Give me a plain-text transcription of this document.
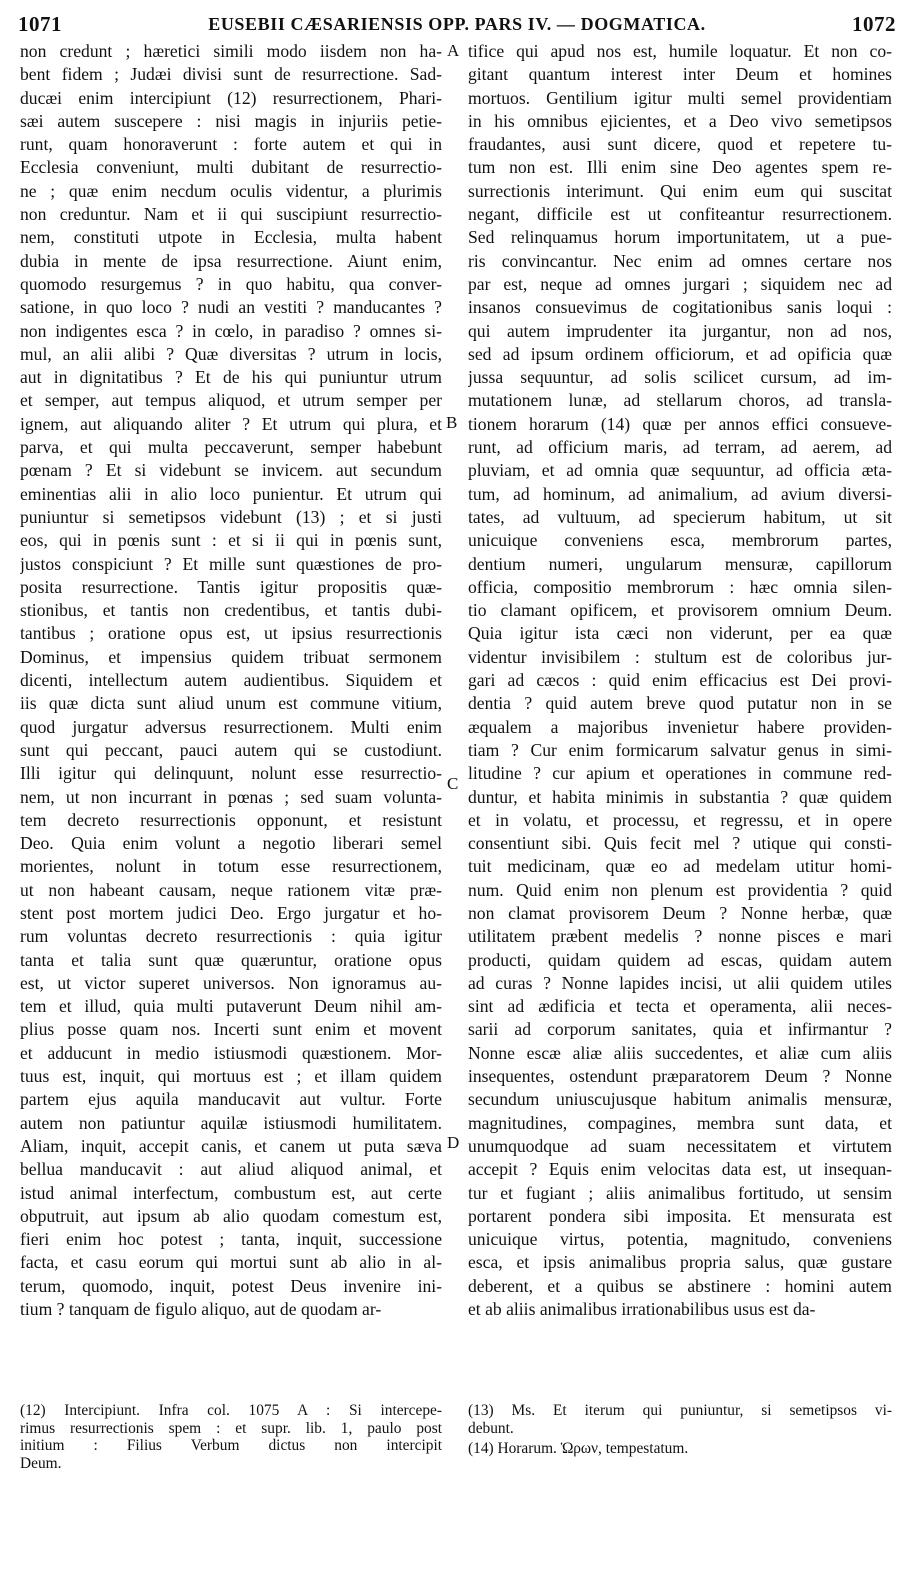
1071	EUSEBII CÆSARIENSIS OPP. PARS IV. — DOGMATICA.	1072
non credunt ; hæretici simili modo iisdem non ha-
bent fidem ; Judæi divisi sunt de resurrectione. Sad-
ducæi enim intercipiunt (12) resurrectionem, Phari-
sæi autem suscepere : nisi magis in injuriis petie-
runt, quam honoraverunt : forte autem et qui in
Ecclesia conveniunt, multi dubitant de resurrectio-
ne ; quæ enim necdum oculis videntur, a plurimis
non creduntur. Nam et ii qui suscipiunt resurrectio-
nem, constituti utpote in Ecclesia, multa habent
dubia in mente de ipsa resurrectione. Aiunt enim,
quomodo resurgemus ? in quo habitu, qua conver-
satione, in quo loco ? nudi an vestiti ? manducantes ?
non indigentes esca ? in cœlo, in paradiso ? omnes si-
mul, an alii alibi ? Quæ diversitas ? utrum in locis,
aut in dignitatibus ? Et de his qui puniuntur utrum
et semper, aut tempus aliquod, et utrum semper per
ignem, aut aliquando aliter ? Et utrum qui plura, et
parva, et qui multa peccaverunt, semper habebunt
pœnam ? Et si videbunt se invicem. aut secundum
eminentias alii in alio loco punientur. Et utrum qui
puniuntur si semetipsos videbunt (13) ; et si justi
eos, qui in pœnis sunt : et si ii qui in pœnis sunt,
justos conspiciunt ? Et mille sunt quæstiones de pro-
posita resurrectione. Tantis igitur propositis quæ-
stionibus, et tantis non credentibus, et tantis dubi-
tantibus ; oratione opus est, ut ipsius resurrectionis
Dominus, et impensius quidem tribuat sermonem
dicenti, intellectum autem audientibus. Siquidem et
iis quæ dicta sunt aliud unum est commune vitium,
quod jurgatur adversus resurrectionem. Multi enim
sunt qui peccant, pauci autem qui se custodiunt.
Illi igitur qui delinquunt, nolunt esse resurrectio-
nem, ut non incurrant in pœnas ; sed suam volunta-
tem decreto resurrectionis opponunt, et resistunt
Deo. Quia enim volunt a negotio liberari semel
morientes, nolunt in totum esse resurrectionem,
ut non habeant causam, neque rationem vitæ præ-
stent post mortem judici Deo. Ergo jurgatur et ho-
rum voluntas decreto resurrectionis : quia igitur
tanta et talia sunt quæ quæruntur, oratione opus
est, ut victor superet universos. Non ignoramus au-
tem et illud, quia multi putaverunt Deum nihil am-
plius posse quam nos. Incerti sunt enim et movent
et adducunt in medio istiusmodi quæstionem. Mor-
tuus est, inquit, qui mortuus est ; et illam quidem
partem ejus aquila manducavit aut vultur. Forte
autem non patiuntur aquilæ istiusmodi humilitatem.
Aliam, inquit, accepit canis, et canem ut puta sæva
bellua manducavit : aut aliud aliquod animal, et
istud animal interfectum, combustum est, aut certe
obputruit, aut ipsum ab alio quodam comestum est,
fieri enim hoc potest ; tanta, inquit, successione
facta, et casu eorum qui mortui sunt ab alio in al-
terum, quomodo, inquit, potest Deus invenire ini-
tium ? tanquam de figulo aliquo, aut de quodam ar-
tifice qui apud nos est, humile loquatur. Et non co-
gitant quantum interest inter Deum et homines
mortuos. Gentilium igitur multi semel providentiam
in his omnibus ejicientes, et a Deo vivo semetipsos
fraudantes, ausi sunt dicere, quod et repetere tu-
tum non est. Illi enim sine Deo agentes spem re-
surrectionis interimunt. Qui enim eum qui suscitat
negant, difficile est ut confiteantur resurrectionem.
Sed relinquamus horum importunitatem, ut a pue-
ris convincantur. Nec enim ad omnes certare nos
par est, neque ad omnes jurgari ; siquidem nec ad
insanos consuevimus de cogitationibus sanis loqui :
qui autem imprudenter ita jurgantur, non ad nos,
sed ad ipsum ordinem officiorum, et ad opificia quæ
jussa sequuntur, ad solis scilicet cursum, ad im-
mutationem lunæ, ad stellarum choros, ad transla-
tionem horarum (14) quæ per annos effici consueve-
runt, ad officium maris, ad terram, ad aerem, ad
pluviam, et ad omnia quæ sequuntur, ad officia æta-
tum, ad hominum, ad animalium, ad avium diversi-
tates, ad vultuum, ad specierum habitum, ut sit
unicuique conveniens esca, membrorum partes,
dentium numeri, ungularum mensuræ, capillorum
officia, compositio membrorum : hæc omnia silen-
tio clamant opificem, et provisorem omnium Deum.
Quia igitur ista cæci non viderunt, per ea quæ
videntur invisibilem : stultum est de coloribus jur-
gari ad cæcos : quid enim efficacius est Dei provi-
dentia ? quid autem breve quod putatur non in se
æqualem a majoribus invenietur habere providen-
tiam ? Cur enim formicarum salvatur genus in simi-
litudine ? cur apium et operationes in commune red-
duntur, et habita minimis in substantia ? quæ quidem
et in volatu, et processu, et regressu, et in opere
consentiunt sibi. Quis fecit mel ? utique qui consti-
tuit medicinam, quæ eo ad medelam utitur homi-
num. Quid enim non plenum est providentia ? quid
non clamat provisorem Deum ? Nonne herbæ, quæ
utilitatem præbent medelis ? nonne pisces e mari
producti, quidam quidem ad escas, quidam autem
ad curas ? Nonne lapides incisi, ut alii quidem utiles
sint ad ædificia et tecta et operamenta, alii neces-
sarii ad corporum sanitates, quia et infirmantur ?
Nonne escæ aliæ aliis succedentes, et aliæ cum aliis
insequentes, ostendunt præparatorem Deum ? Nonne
secundum uniuscujusque habitum animalis mensuræ,
magnitudines, compagines, membra sunt data, et
unumquodque ad suam necessitatem et virtutem
accepit ? Equis enim velocitas data est, ut insequan-
tur et fugiant ; aliis animalibus fortitudo, ut sensim
portarent pondera sibi imposita. Et mensurata est
unicuique virtus, potentia, magnitudo, conveniens
esca, et ipsis animalibus propria salus, quæ gustare
deberent, et a quibus se abstinere : homini autem
et ab aliis animalibus irrationabilibus usus est da-
A
B
C
D
(12) Intercipiunt. Infra col. 1075 A : Si intercepe-
rimus resurrectionis spem : et supr. lib. 1, paulo post
initium : Filius Verbum dictus non intercipit
Deum.
(13) Ms. Et iterum qui puniuntur, si semetipsos vi-
debunt.
(14) Horarum. Ὡρων, tempestatum.
